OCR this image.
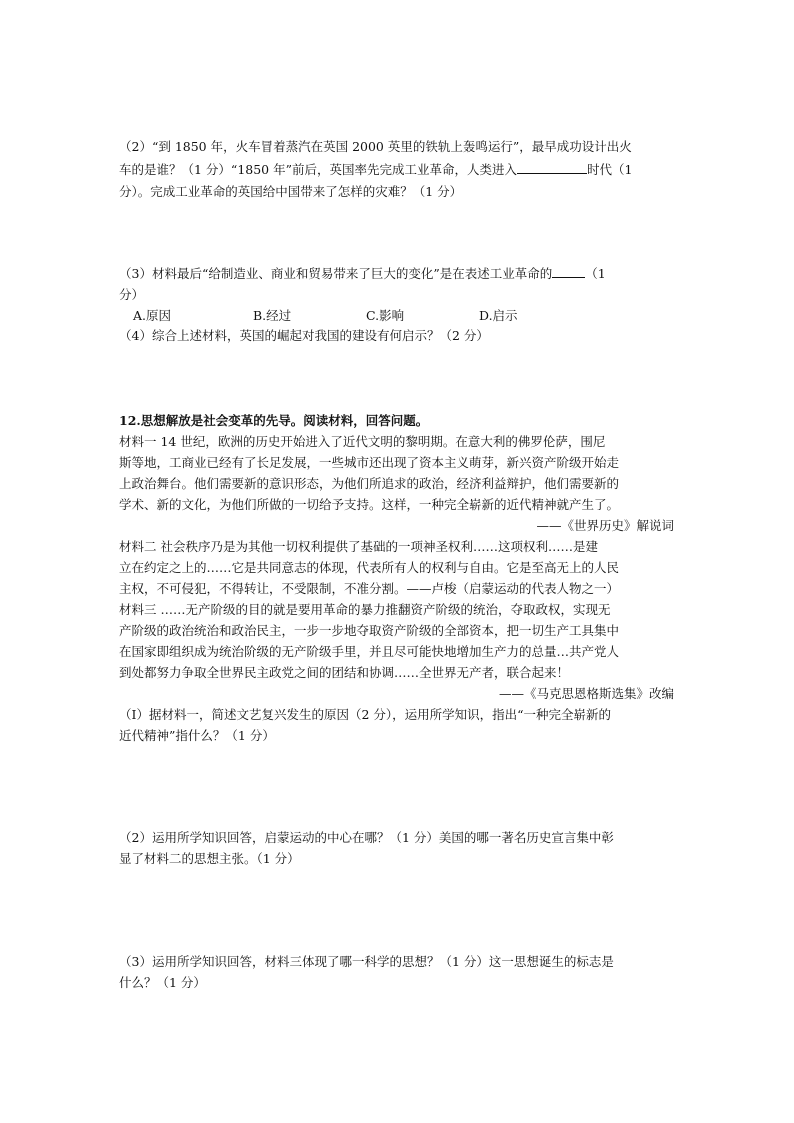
（2）“到 1850 年，火车冒着蒸汽在英国 2000 英里的铁轨上轰鸣运行”，最早成功设计出火
车的是谁？（1 分）“1850 年”前后，英国率先完成工业革命，人类进入	时代（1
分）。完成工业革命的英国给中国带来了怎样的灾难？（1 分）
（3）材料最后“给制造业、商业和贸易带来了巨大的变化”是在表述工业革命的	（1
分）
A.原因	B.经过	C.影响	D.启示
（4）综合上述材料，英国的崛起对我国的建设有何启示？（2 分）
12.思想解放是社会变革的先导。阅读材料，回答问题。
材料一 14 世纪，欧洲的历史开始进入了近代文明的黎明期。在意大利的佛罗伦萨，围尼
斯等地，工商业已经有了长足发展，一些城市还出现了资本主义萌芽，新兴资产阶级开始走
上政治舞台。他们需要新的意识形态，为他们所追求的政治，经济利益辩护，他们需要新的
学术、新的文化，为他们所做的一切给予支持。这样，一种完全崭新的近代精神就产生了。
——《世界历史》解说词
材料二 社会秩序乃是为其他一切权利提供了基础的一项神圣权利……这项权利……是建
立在约定之上的……它是共同意志的体现，代表所有人的权利与自由。它是至高无上的人民
主权，不可侵犯，不得转让，不受限制，不准分割。——卢梭（启蒙运动的代表人物之一）
材料三 ……无产阶级的目的就是要用革命的暴力推翻资产阶级的统治，夺取政权，实现无
产阶级的政治统治和政治民主，一步一步地夺取资产阶级的全部资本，把一切生产工具集中
在国家即组织成为统治阶级的无产阶级手里，并且尽可能快地增加生产力的总量…共产党人
到处都努力争取全世界民主政党之间的团结和协调……全世界无产者，联合起来！
——《马克思恩格斯选集》改编
（I）据材料一，简述文艺复兴发生的原因（2 分），运用所学知识，指出“一种完全崭新的
近代精神”指什么？（1 分）
（2）运用所学知识回答，启蒙运动的中心在哪？（1 分）美国的哪一著名历史宣言集中彰
显了材料二的思想主张。（1 分）
（3）运用所学知识回答，材料三体现了哪一科学的思想？（1 分）这一思想诞生的标志是
什么？（1 分）
